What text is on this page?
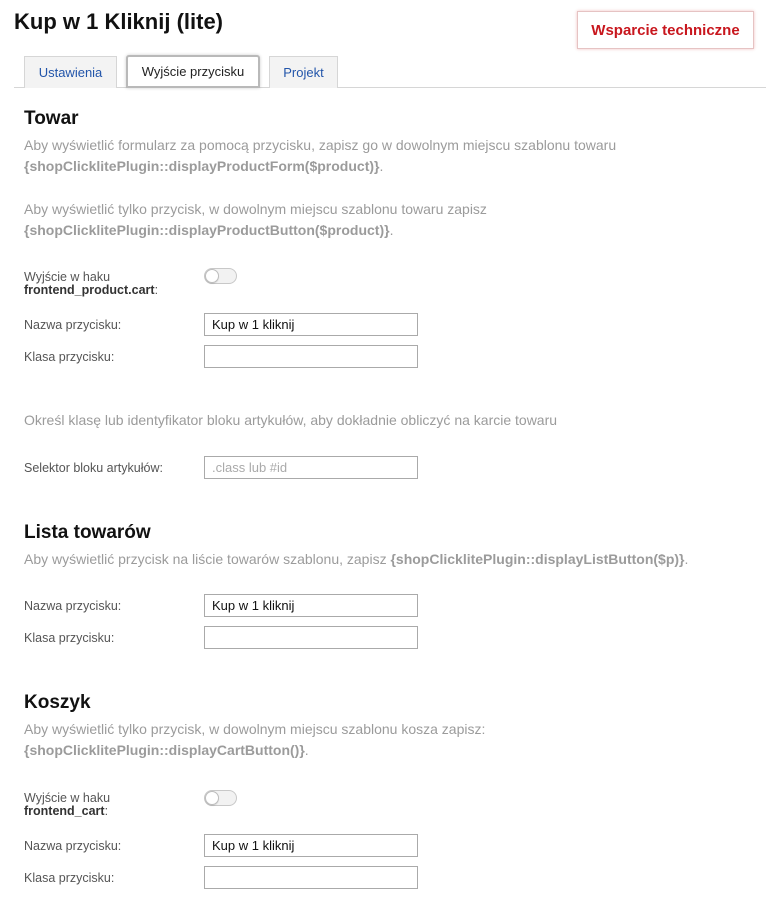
Kup w 1 Kliknij (lite)	Wsparcie techniczne
Ustawienia	Wyjście przycisku	Projekt
Towar
Aby wyświetlić formularz za pomocą przycisku, zapisz go w dowolnym miejscu szablonu towaru
{shopClicklitePlugin::displayProductForm($product)}.
Aby wyświetlić tylko przycisk, w dowolnym miejscu szablonu towaru zapisz
{shopClicklitePlugin::displayProductButton($product)}.
Wyjście w haku
frontend_product.cart:
Nazwa przycisku:
Kup w 1 kliknij
Klasa przycisku:
Określ klasę lub identyfikator bloku artykułów, aby dokładnie obliczyć na karcie towaru
Selektor bloku artykułów:
.class lub #id
Lista towarów
Aby wyświetlić przycisk na liście towarów szablonu, zapisz {shopClicklitePlugin::displayListButton($p)}.
Nazwa przycisku:
Kup w 1 kliknij
Klasa przycisku:
Koszyk
Aby wyświetlić tylko przycisk, w dowolnym miejscu szablonu kosza zapisz:
{shopClicklitePlugin::displayCartButton()}.
Wyjście w haku
frontend_cart:
Nazwa przycisku:
Kup w 1 kliknij
Klasa przycisku:
